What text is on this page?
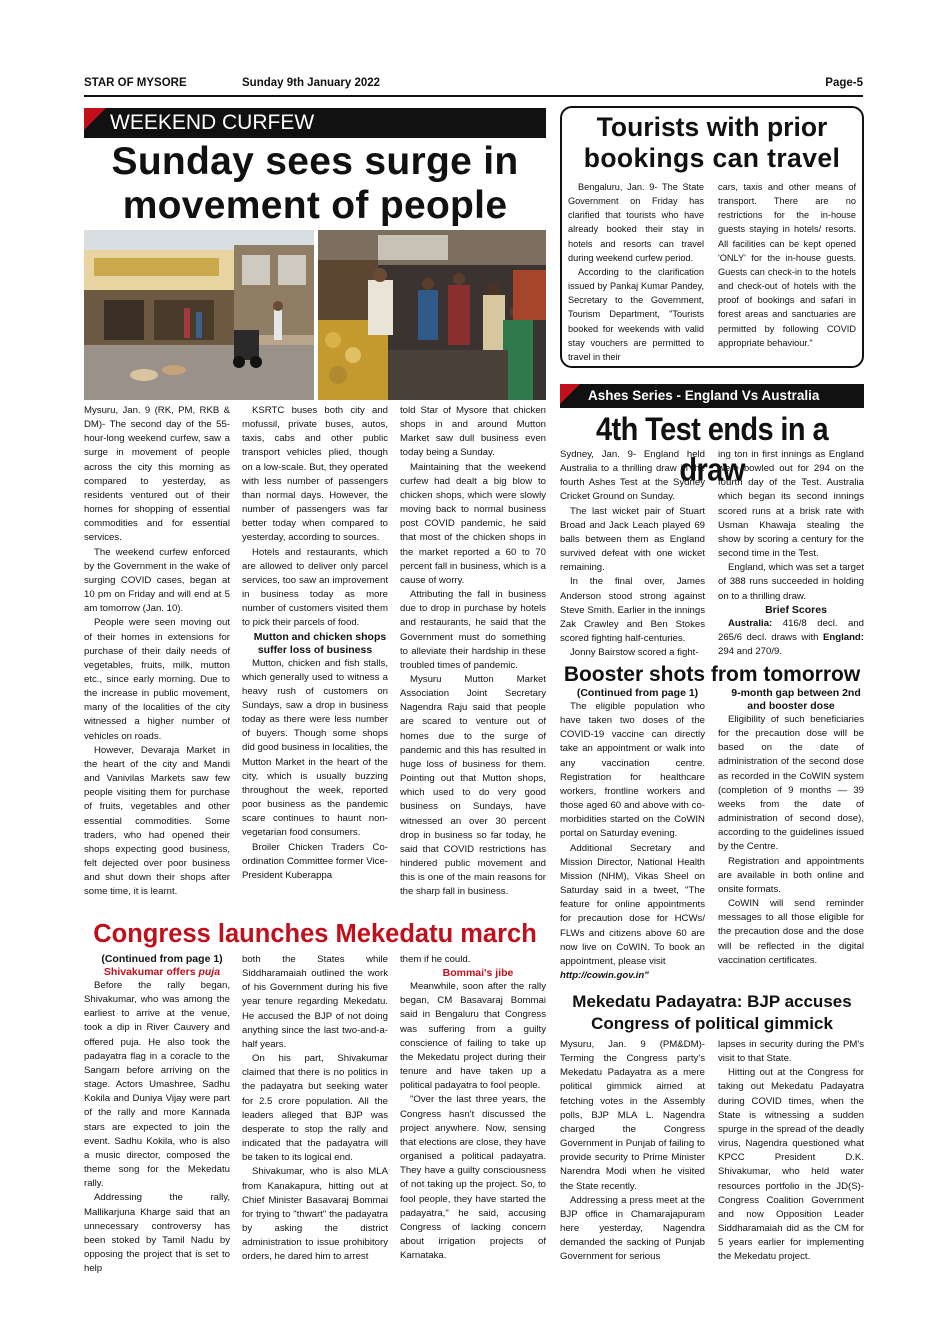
STAR OF MYSORE	Sunday 9th January 2022	Page-5
WEEKEND CURFEW
Sunday sees surge in
movement of people

Mysuru, Jan. 9 (RK, PM, RKB & DM)- The second day of the 55-hour-long weekend curfew, saw a surge in movement of people across the city this morning as compared to yesterday, as residents ventured out of their homes for shopping of essential commodities and for essential services.

The weekend curfew enforced by the Government in the wake of surging COVID cases, began at 10 pm on Friday and will end at 5 am tomorrow (Jan. 10).

People were seen moving out of their homes in extensions for purchase of their daily needs of vegetables, fruits, milk, mutton etc., since early morning. Due to the increase in public movement, many of the localities of the city witnessed a higher number of vehicles on roads.

However, Devaraja Market in the heart of the city and Mandi and Vanivilas Markets saw few people visiting them for purchase of fruits, vegetables and other essential commodities. Some traders, who had opened their shops expecting good business, felt dejected over poor business and shut down their shops after some time, it is learnt.

KSRTC buses both city and mofussil, private buses, autos, taxis, cabs and other public transport vehicles plied, though on a low-scale. But, they operated with less number of passengers than normal days. However, the number of passengers was far better today when compared to yesterday, according to sources.

Hotels and restaurants, which are allowed to deliver only parcel services, too saw an improvement in business today as more number of customers visited them to pick their parcels of food.

Mutton and chicken shops suffer loss of business

Mutton, chicken and fish stalls, which generally used to witness a heavy rush of customers on Sundays, saw a drop in business today as there were less number of buyers. Though some shops did good business in localities, the Mutton Market in the heart of the city, which is usually buzzing throughout the week, reported poor business as the pandemic scare continues to haunt non-vegetarian food consumers.

Broiler Chicken Traders Co-ordination Committee former Vice-President Kuberappa

told Star of Mysore that chicken shops in and around Mutton Market saw dull business even today being a Sunday.

Maintaining that the weekend curfew had dealt a big blow to chicken shops, which were slowly moving back to normal business post COVID pandemic, he said that most of the chicken shops in the market reported a 60 to 70 percent fall in business, which is a cause of worry.

Attributing the fall in business due to drop in purchase by hotels and restaurants, he said that the Government must do something to alleviate their hardship in these troubled times of pandemic.

Mysuru Mutton Market Association Joint Secretary Nagendra Raju said that people are scared to venture out of homes due to the surge of pandemic and this has resulted in huge loss of business for them. Pointing out that Mutton shops, which used to do very good business on Sundays, have witnessed an over 30 percent drop in business so far today, he said that COVID restrictions has hindered public movement and this is one of the main reasons for the sharp fall in business.

Tourists with prior
bookings can travel

Bengaluru, Jan. 9- The State Government on Friday has clarified that tourists who have already booked their stay in hotels and resorts can travel during weekend curfew period.

According to the clarification issued by Pankaj Kumar Pandey, Secretary to the Government, Tourism Department, "Tourists booked for weekends with valid stay vouchers are permitted to travel in their

cars, taxis and other means of transport. There are no restrictions for the in-house guests staying in hotels/ resorts. All facilities can be kept opened 'ONLY' for the in-house guests. Guests can check-in to the hotels and check-out of hotels with the proof of bookings and safari in forest areas and sanctuaries are permitted by following COVID appropriate behaviour."

Ashes Series - England Vs Australia
4th Test ends in a draw

Sydney, Jan. 9- England held Australia to a thrilling draw in the fourth Ashes Test at the Sydney Cricket Ground on Sunday.

The last wicket pair of Stuart Broad and Jack Leach played 69 balls between them as England survived defeat with one wicket remaining.

In the final over, James Anderson stood strong against Steve Smith. Earlier in the innings Zak Crawley and Ben Stokes scored fighting half-centuries.

Jonny Bairstow scored a fight-

ing ton in first innings as England were bowled out for 294 on the fourth day of the Test. Australia which began its second innings scored runs at a brisk rate with Usman Khawaja stealing the show by scoring a century for the second time in the Test.

England, which was set a target of 388 runs succeeded in holding on to a thrilling draw.

Brief Scores

Australia: 416/8 decl. and 265/6 decl. draws with England: 294 and 270/9.

Booster shots from tomorrow

(Continued from page 1)

The eligible population who have taken two doses of the COVID-19 vaccine can directly take an appointment or walk into any vaccination centre. Registration for healthcare workers, frontline workers and those aged 60 and above with co-morbidities started on the CoWIN portal on Saturday evening.

Additional Secretary and Mission Director, National Health Mission (NHM), Vikas Sheel on Saturday said in a tweet, "The feature for online appointments for precaution dose for HCWs/ FLWs and citizens above 60 are now live on CoWIN. To book an appointment, please visit

http://cowin.gov.in"

9-month gap between 2nd and booster dose

Eligibility of such beneficiaries for the precaution dose will be based on the date of administration of the second dose as recorded in the CoWIN system (completion of 9 months — 39 weeks from the date of administration of second dose), according to the guidelines issued by the Centre.

Registration and appointments are available in both online and onsite formats.

CoWIN will send reminder messages to all those eligible for the precaution dose and the dose will be reflected in the digital vaccination certificates.

Congress launches Mekedatu march

(Continued from page 1)

Shivakumar offers puja

Before the rally began, Shivakumar, who was among the earliest to arrive at the venue, took a dip in River Cauvery and offered puja. He also took the padayatra flag in a coracle to the Sangam before arriving on the stage. Actors Umashree, Sadhu Kokila and Duniya Vijay were part of the rally and more Kannada stars are expected to join the event. Sadhu Kokila, who is also a music director, composed the theme song for the Mekedatu rally.

Addressing the rally, Mallikarjuna Kharge said that an unnecessary controversy has been stoked by Tamil Nadu by opposing the project that is set to help

both the States while Siddharamaiah outlined the work of his Government during his five year tenure regarding Mekedatu. He accused the BJP of not doing anything since the last two-and-a-half years.

On his part, Shivakumar claimed that there is no politics in the padayatra but seeking water for 2.5 crore population. All the leaders alleged that BJP was desperate to stop the rally and indicated that the padayatra will be taken to its logical end.

Shivakumar, who is also MLA from Kanakapura, hitting out at Chief Minister Basavaraj Bommai for trying to "thwart" the padayatra by asking the district administration to issue prohibitory orders, he dared him to arrest

them if he could.

Bommai's jibe

Meanwhile, soon after the rally began, CM Basavaraj Bommai said in Bengaluru that Congress was suffering from a guilty conscience of failing to take up the Mekedatu project during their tenure and have taken up a political padayatra to fool people.

"Over the last three years, the Congress hasn't discussed the project anywhere. Now, sensing that elections are close, they have organised a political padayatra. They have a guilty consciousness of not taking up the project. So, to fool people, they have started the padayatra," he said, accusing Congress of lacking concern about irrigation projects of Karnataka.

Mekedatu Padayatra: BJP accuses
Congress of political gimmick

Mysuru, Jan. 9 (PM&DM)- Terming the Congress party's Mekedatu Padayatra as a mere political gimmick aimed at fetching votes in the Assembly polls, BJP MLA L. Nagendra charged the Congress Government in Punjab of failing to provide security to Prime Minister Narendra Modi when he visited the State recently.

Addressing a press meet at the BJP office in Chamarajapuram here yesterday, Nagendra demanded the sacking of Punjab Government for serious

lapses in security during the PM's visit to that State.

Hitting out at the Congress for taking out Mekedatu Padayatra during COVID times, when the State is witnessing a sudden spurge in the spread of the deadly virus, Nagendra questioned what KPCC President D.K. Shivakumar, who held water resources portfolio in the JD(S)-Congress Coalition Government and now Opposition Leader Siddharamaiah did as the CM for 5 years earlier for implementing the Mekedatu project.
